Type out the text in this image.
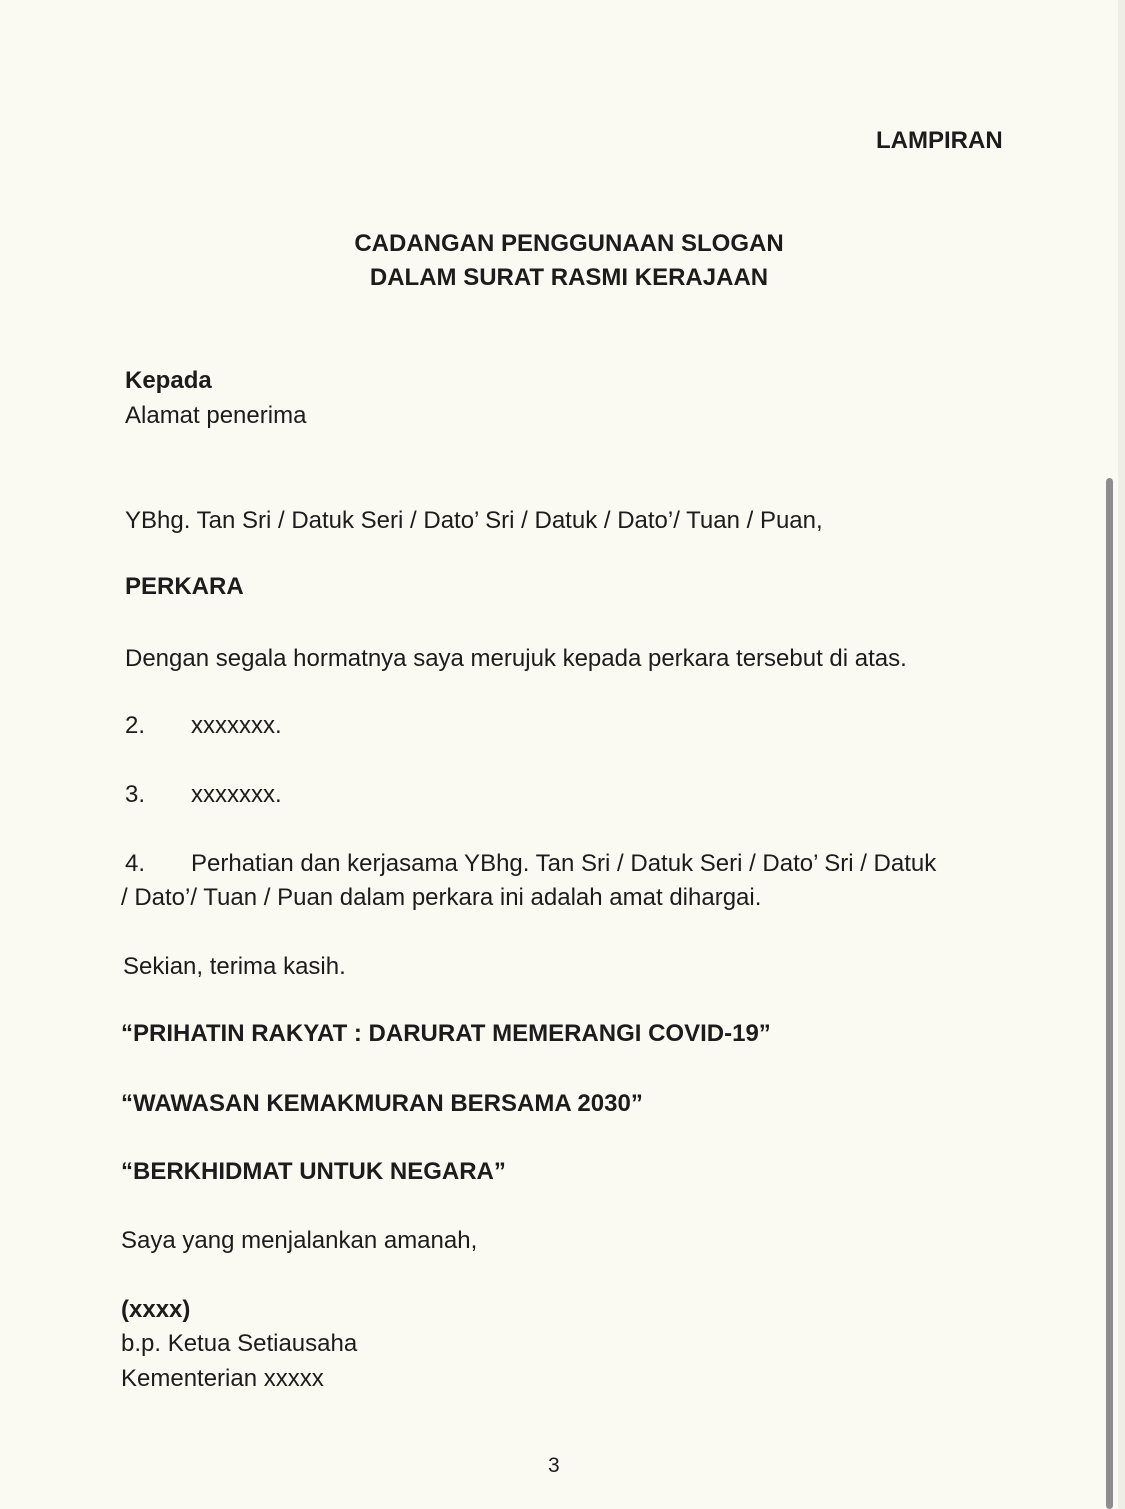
LAMPIRAN
CADANGAN PENGGUNAAN SLOGAN
DALAM SURAT RASMI KERAJAAN
Kepada
Alamat penerima
YBhg. Tan Sri / Datuk Seri / Dato’ Sri / Datuk / Dato’/ Tuan / Puan,
PERKARA
Dengan segala hormatnya saya merujuk kepada perkara tersebut di atas.
2. xxxxxxx.
3. xxxxxxx.
4. Perhatian dan kerjasama YBhg. Tan Sri / Datuk Seri / Dato’ Sri / Datuk
/ Dato’/ Tuan / Puan dalam perkara ini adalah amat dihargai.
Sekian, terima kasih.
“PRIHATIN RAKYAT : DARURAT MEMERANGI COVID-19”
“WAWASAN KEMAKMURAN BERSAMA 2030”
“BERKHIDMAT UNTUK NEGARA”
Saya yang menjalankan amanah,
(xxxx)
b.p. Ketua Setiausaha
Kementerian xxxxx
3
